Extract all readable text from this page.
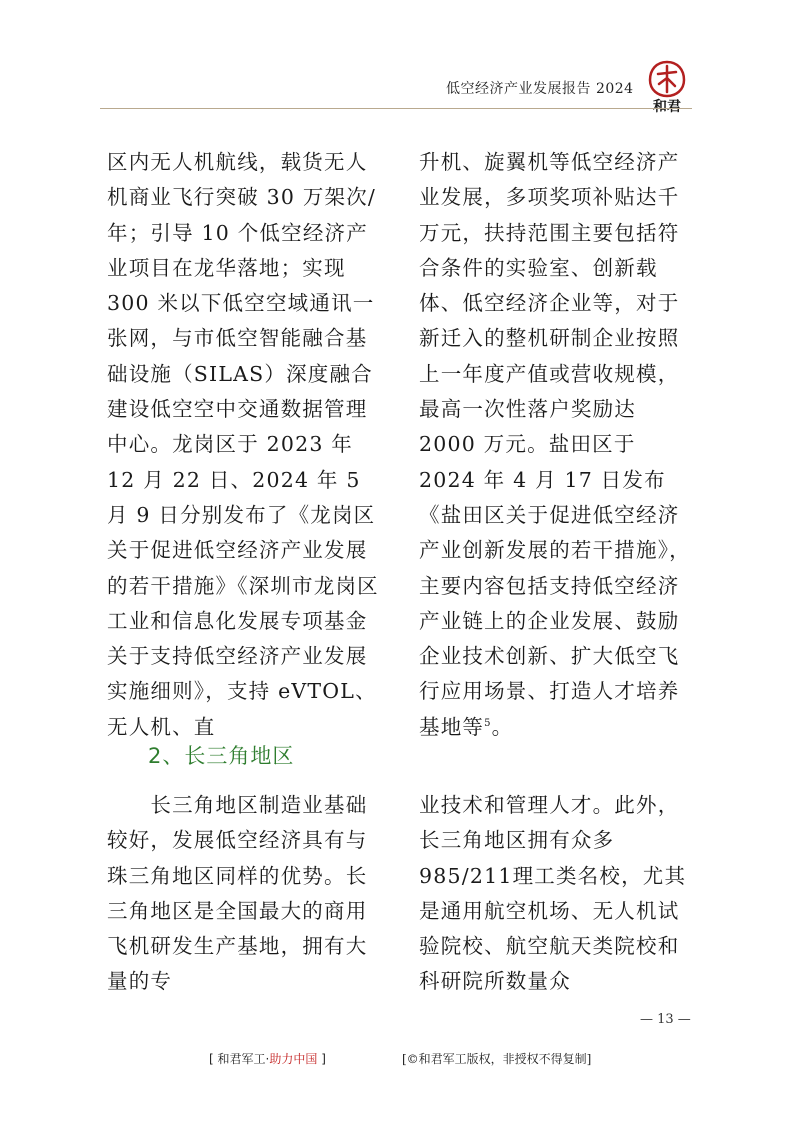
低空经济产业发展报告 2024
和君

区内无人机航线，载货无人机商业飞行突破 30 万架次/年；引导 10 个低空经济产业项目在龙华落地；实现 300 米以下低空空域通讯一张网，与市低空智能融合基础设施（SILAS）深度融合建设低空空中交通数据管理中心。龙岗区于 2023 年 12 月 22 日、2024 年 5 月 9 日分别发布了《龙岗区关于促进低空经济产业发展的若干措施》《深圳市龙岗区工业和信息化发展专项基金关于支持低空经济产业发展实施细则》，支持 eVTOL、无人机、直

升机、旋翼机等低空经济产业发展，多项奖项补贴达千万元，扶持范围主要包括符合条件的实验室、创新载体、低空经济企业等，对于新迁入的整机研制企业按照上一年度产值或营收规模，最高一次性落户奖励达 2000 万元。盐田区于 2024 年 4 月 17 日发布《盐田区关于促进低空经济产业创新发展的若干措施》，主要内容包括支持低空经济产业链上的企业发展、鼓励企业技术创新、扩大低空飞行应用场景、打造人才培养基地等$^5$。

2、长三角地区

　　长三角地区制造业基础较好，发展低空经济具有与珠三角地区同样的优势。长三角地区是全国最大的商用飞机研发生产基地，拥有大量的专

业技术和管理人才。此外，长三角地区拥有众多985/211理工类名校，尤其是通用航空机场、无人机试验院校、航空航天类院校和科研院所数量众

— 13 —
[ 和君军工·助力中国 ]	[©和君军工版权，非授权不得复制]
